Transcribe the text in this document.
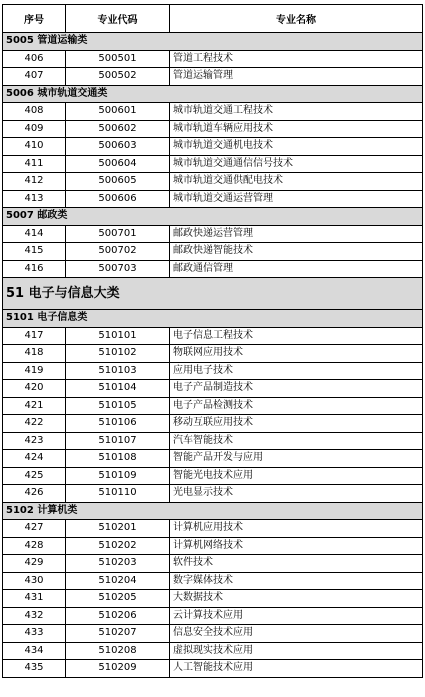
序号	专业代码	专业名称
5005 管道运输类		
406	500501	管道工程技术
407	500502	管道运输管理
5006 城市轨道交通类		
408	500601	城市轨道交通工程技术
409	500602	城市轨道车辆应用技术
410	500603	城市轨道交通机电技术
411	500604	城市轨道交通通信信号技术
412	500605	城市轨道交通供配电技术
413	500606	城市轨道交通运营管理
5007 邮政类		
414	500701	邮政快递运营管理
415	500702	邮政快递智能技术
416	500703	邮政通信管理
51 电子与信息大类		
5101 电子信息类		
417	510101	电子信息工程技术
418	510102	物联网应用技术
419	510103	应用电子技术
420	510104	电子产品制造技术
421	510105	电子产品检测技术
422	510106	移动互联应用技术
423	510107	汽车智能技术
424	510108	智能产品开发与应用
425	510109	智能光电技术应用
426	510110	光电显示技术
5102 计算机类		
427	510201	计算机应用技术
428	510202	计算机网络技术
429	510203	软件技术
430	510204	数字媒体技术
431	510205	大数据技术
432	510206	云计算技术应用
433	510207	信息安全技术应用
434	510208	虚拟现实技术应用
435	510209	人工智能技术应用
